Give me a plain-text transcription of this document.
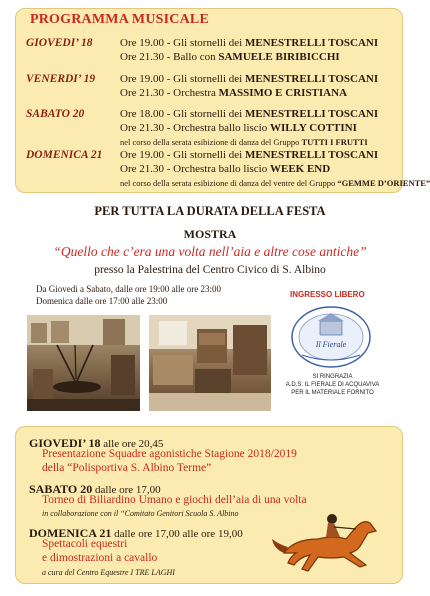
PROGRAMMA MUSICALE
GIOVEDI’ 18 Ore 19.00 - Gli stornelli dei MENESTRELLI TOSCANI
Ore 21.30 - Ballo con SAMUELE BIRIBICCHI
VENERDI’ 19 Ore 19.00 - Gli stornelli dei MENESTRELLI TOSCANI
Ore 21.30 - Orchestra MASSIMO E CRISTIANA
SABATO 20	Ore 18.00 - Gli stornelli dei MENESTRELLI TOSCANI
Ore 21.30 - Orchestra ballo liscio WILLY COTTINI
nel corso della serata esibizione di danza del Gruppo TUTTI I FRUTTI
DOMENICA 21 Ore 19.00 - Gli stornelli dei MENESTRELLI TOSCANI
Ore 21.30 - Orchestra ballo liscio WEEK END
nel corso della serata esibizione di danza del ventre del Gruppo “GEMME D’ORIENTE”
PER TUTTA LA DURATA DELLA FESTA
MOSTRA
“Quello che c’era una volta nell’aia e altre cose antiche”
presso la Palestrina del Centro Civico di S. Albino
Da Giovedì a Sabato, dalle ore 19:00 alle ore 23:00
Domenica dalle ore 17:00 alle 23:00
INGRESSO LIBERO
Il Fierale
SI RINGRAZIA
A.D.S. IL FIERALE DI ACQUAVIVA
PER IL MATERIALE FORNITO
GIOVEDI’ 18 alle ore 20,45
Presentazione Squadre agonistiche Stagione 2018/2019
della “Polisportiva S. Albino Terme”
SABATO 20 dalle ore 17,00
Torneo di Biliardino Umano e giochi dell’aia di una volta
in collaborazione con il “Comitato Genitori Scuola S. Albino
DOMENICA 21 dalle ore 17,00 alle ore 19,00
Spettacoli equestri
e dimostrazioni a cavallo
a cura del Centro Equestre I TRE LAGHI
